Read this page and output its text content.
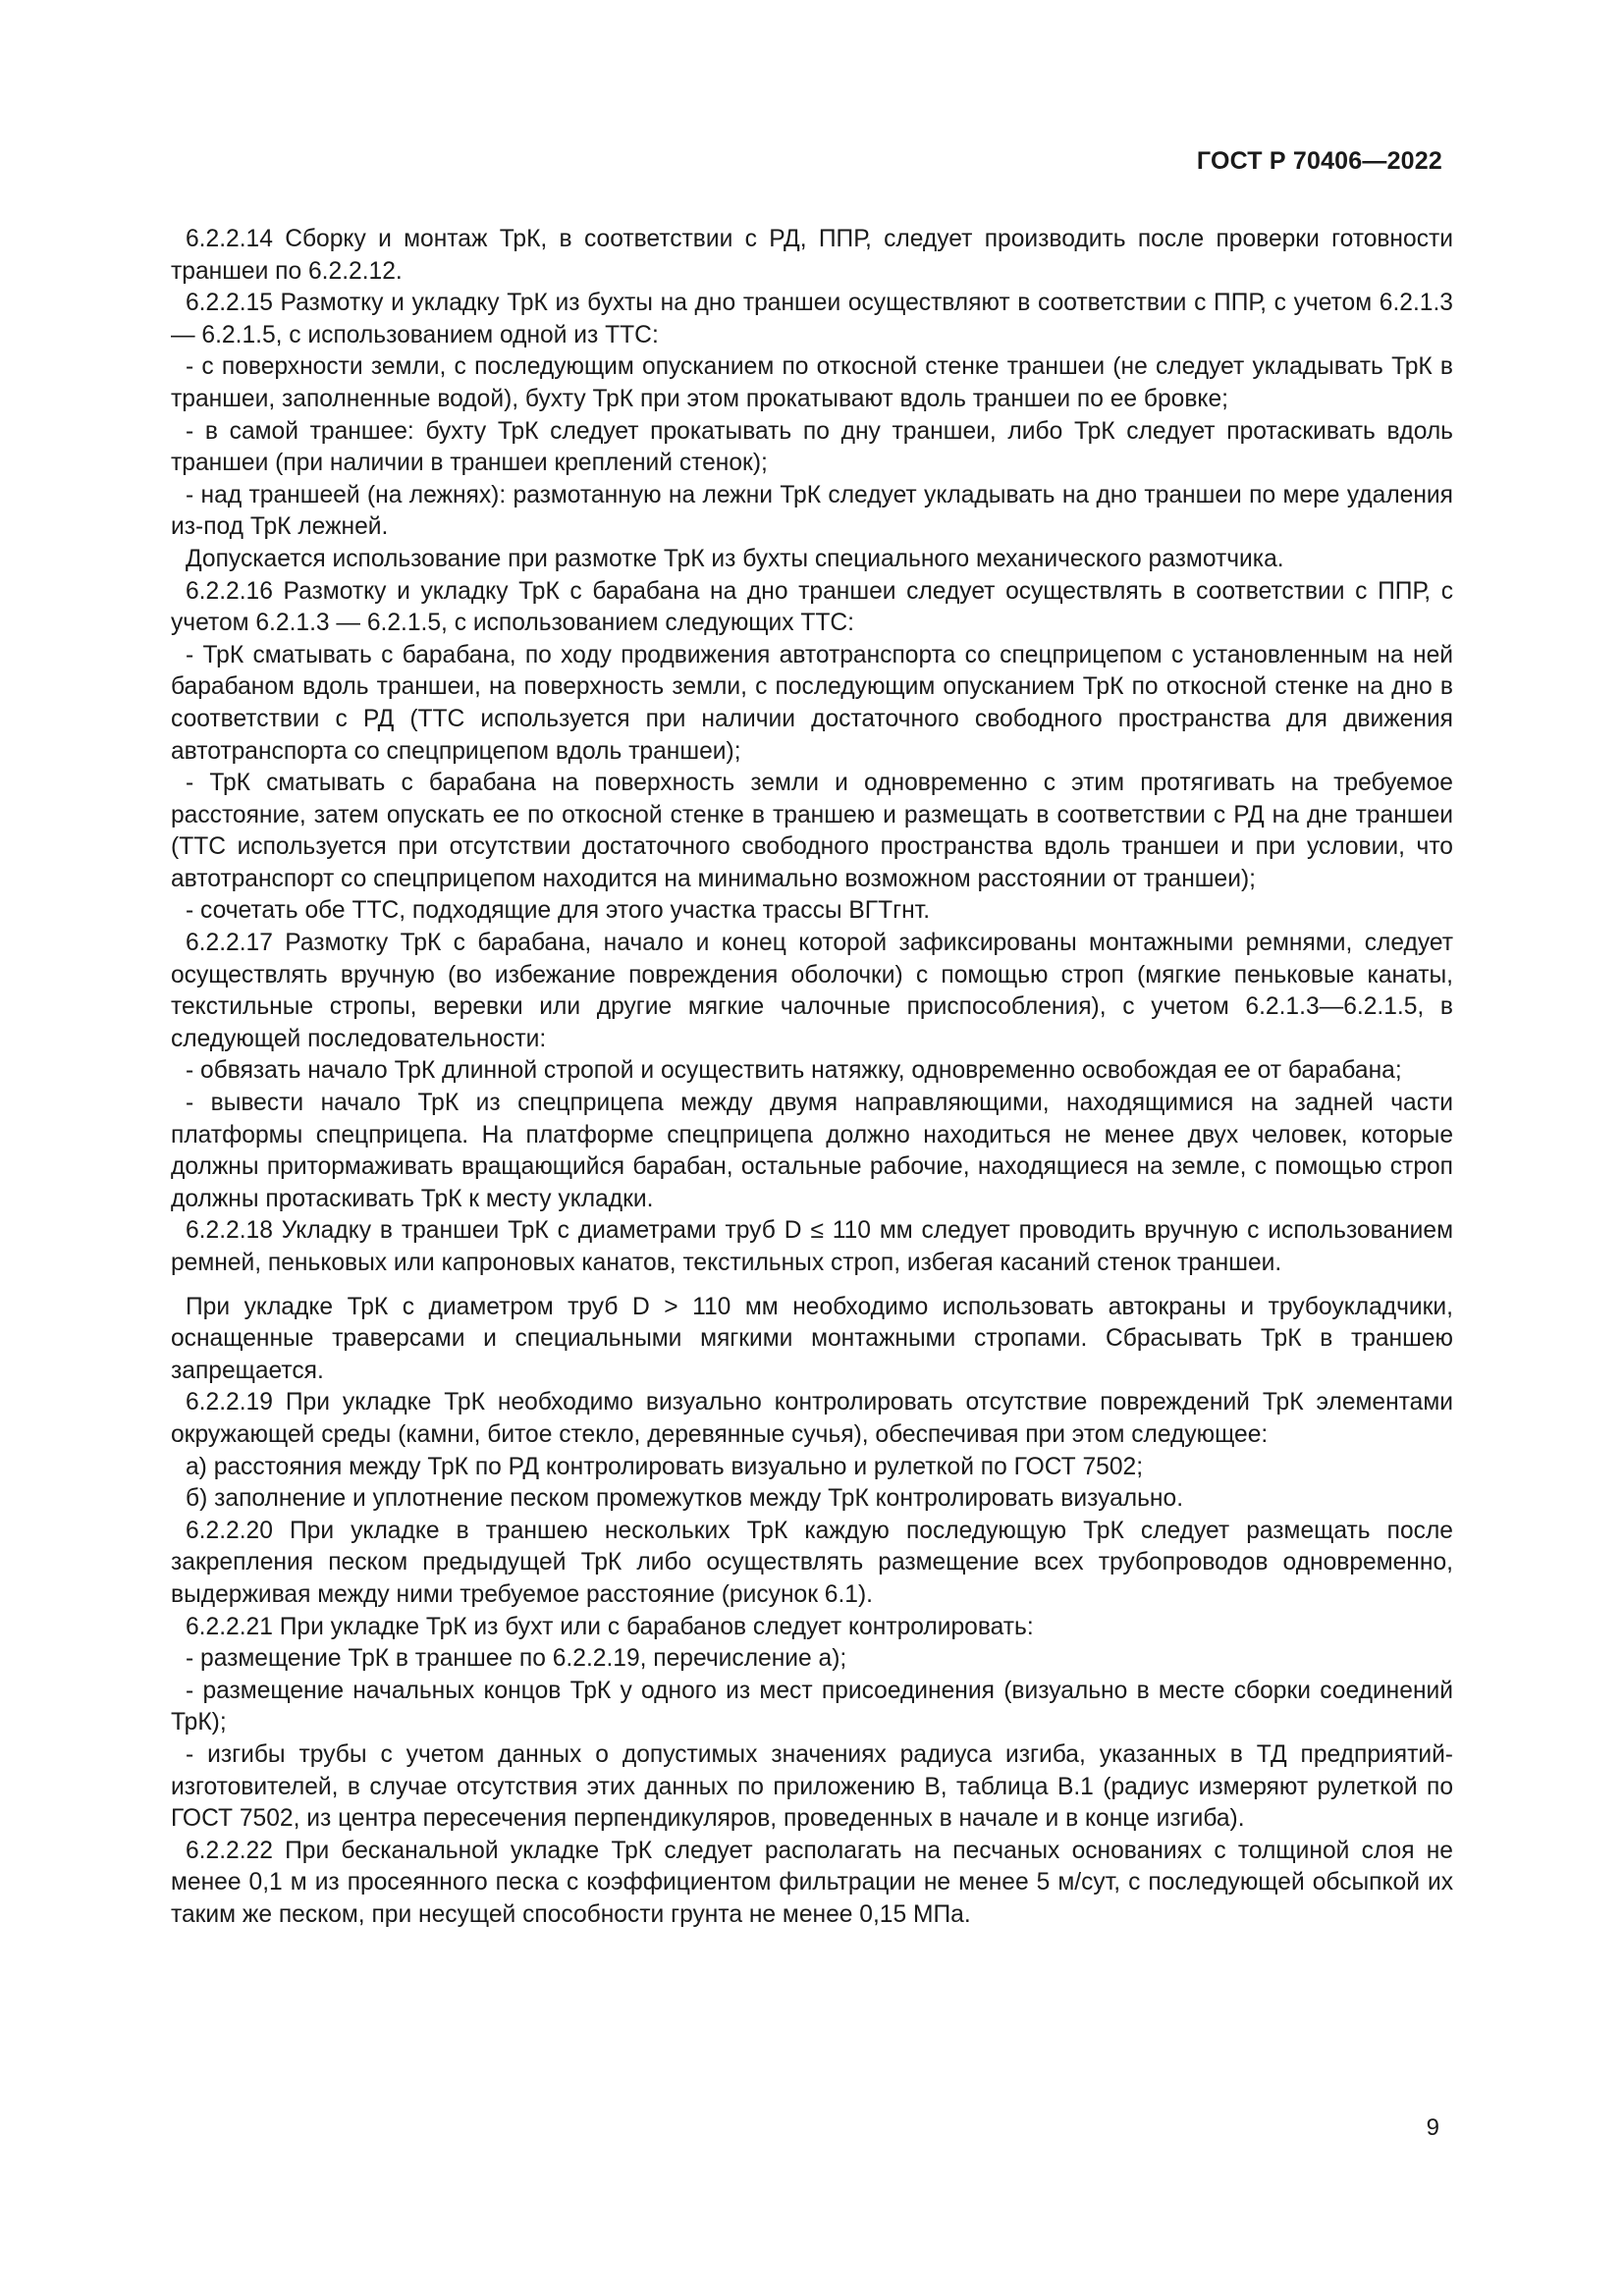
ГОСТ Р 70406—2022

6.2.2.14 Сборку и монтаж ТрК, в соответствии с РД, ППР, следует производить после проверки готовности траншеи по 6.2.2.12.

6.2.2.15 Размотку и укладку ТрК из бухты на дно траншеи осуществляют в соответствии с ППР, с учетом 6.2.1.3 — 6.2.1.5, с использованием одной из ТТС:

- с поверхности земли, с последующим опусканием по откосной стенке траншеи (не следует укладывать ТрК в траншеи, заполненные водой), бухту ТрК при этом прокатывают вдоль траншеи по ее бровке;

- в самой траншее: бухту ТрК следует прокатывать по дну траншеи, либо ТрК следует протаскивать вдоль траншеи (при наличии в траншеи креплений стенок);

- над траншеей (на лежнях): размотанную на лежни ТрК следует укладывать на дно траншеи по мере удаления из-под ТрК лежней.

Допускается использование при размотке ТрК из бухты специального механического размотчика.

6.2.2.16 Размотку и укладку ТрК с барабана на дно траншеи следует осуществлять в соответствии с ППР, с учетом 6.2.1.3 — 6.2.1.5, с использованием следующих ТТС:

- ТрК сматывать с барабана, по ходу продвижения автотранспорта со спецприцепом с установленным на ней барабаном вдоль траншеи, на поверхность земли, с последующим опусканием ТрК по откосной стенке на дно в соответствии с РД (ТТС используется при наличии достаточного свободного пространства для движения автотранспорта со спецприцепом вдоль траншеи);

- ТрК сматывать с барабана на поверхность земли и одновременно с этим протягивать на требуемое расстояние, затем опускать ее по откосной стенке в траншею и размещать в соответствии с РД на дне траншеи (ТТС используется при отсутствии достаточного свободного пространства вдоль траншеи и при условии, что автотранспорт со спецприцепом находится на минимально возможном расстоянии от траншеи);

- сочетать обе ТТС, подходящие для этого участка трассы ВГТгнт.

6.2.2.17 Размотку ТрК с барабана, начало и конец которой зафиксированы монтажными ремнями, следует осуществлять вручную (во избежание повреждения оболочки) с помощью строп (мягкие пеньковые канаты, текстильные стропы, веревки или другие мягкие чалочные приспособления), с учетом 6.2.1.3—6.2.1.5, в следующей последовательности:

- обвязать начало ТрК длинной стропой и осуществить натяжку, одновременно освобождая ее от барабана;

- вывести начало ТрК из спецприцепа между двумя направляющими, находящимися на задней части платформы спецприцепа. На платформе спецприцепа должно находиться не менее двух человек, которые должны притормаживать вращающийся барабан, остальные рабочие, находящиеся на земле, с помощью строп должны протаскивать ТрК к месту укладки.

6.2.2.18 Укладку в траншеи ТрК с диаметрами труб D ≤ 110 мм следует проводить вручную с использованием ремней, пеньковых или капроновых канатов, текстильных строп, избегая касаний стенок траншеи.

При укладке ТрК с диаметром труб D > 110 мм необходимо использовать автокраны и трубоукладчики, оснащенные траверсами и специальными мягкими монтажными стропами. Сбрасывать ТрК в траншею запрещается.

6.2.2.19 При укладке ТрК необходимо визуально контролировать отсутствие повреждений ТрК элементами окружающей среды (камни, битое стекло, деревянные сучья), обеспечивая при этом следующее:

а) расстояния между ТрК по РД контролировать визуально и рулеткой по ГОСТ 7502;

б) заполнение и уплотнение песком промежутков между ТрК контролировать визуально.

6.2.2.20 При укладке в траншею нескольких ТрК каждую последующую ТрК следует размещать после закрепления песком предыдущей ТрК либо осуществлять размещение всех трубопроводов одновременно, выдерживая между ними требуемое расстояние (рисунок 6.1).

6.2.2.21 При укладке ТрК из бухт или с барабанов следует контролировать:

- размещение ТрК в траншее по 6.2.2.19, перечисление а);

- размещение начальных концов ТрК у одного из мест присоединения (визуально в месте сборки соединений ТрК);

- изгибы трубы с учетом данных о допустимых значениях радиуса изгиба, указанных в ТД предприятий-изготовителей, в случае отсутствия этих данных по приложению В, таблица В.1 (радиус измеряют рулеткой по ГОСТ 7502, из центра пересечения перпендикуляров, проведенных в начале и в конце изгиба).

6.2.2.22 При бесканальной укладке ТрК следует располагать на песчаных основаниях с толщиной слоя не менее 0,1 м из просеянного песка с коэффициентом фильтрации не менее 5 м/сут, с последующей обсыпкой их таким же песком, при несущей способности грунта не менее 0,15 МПа.

9
